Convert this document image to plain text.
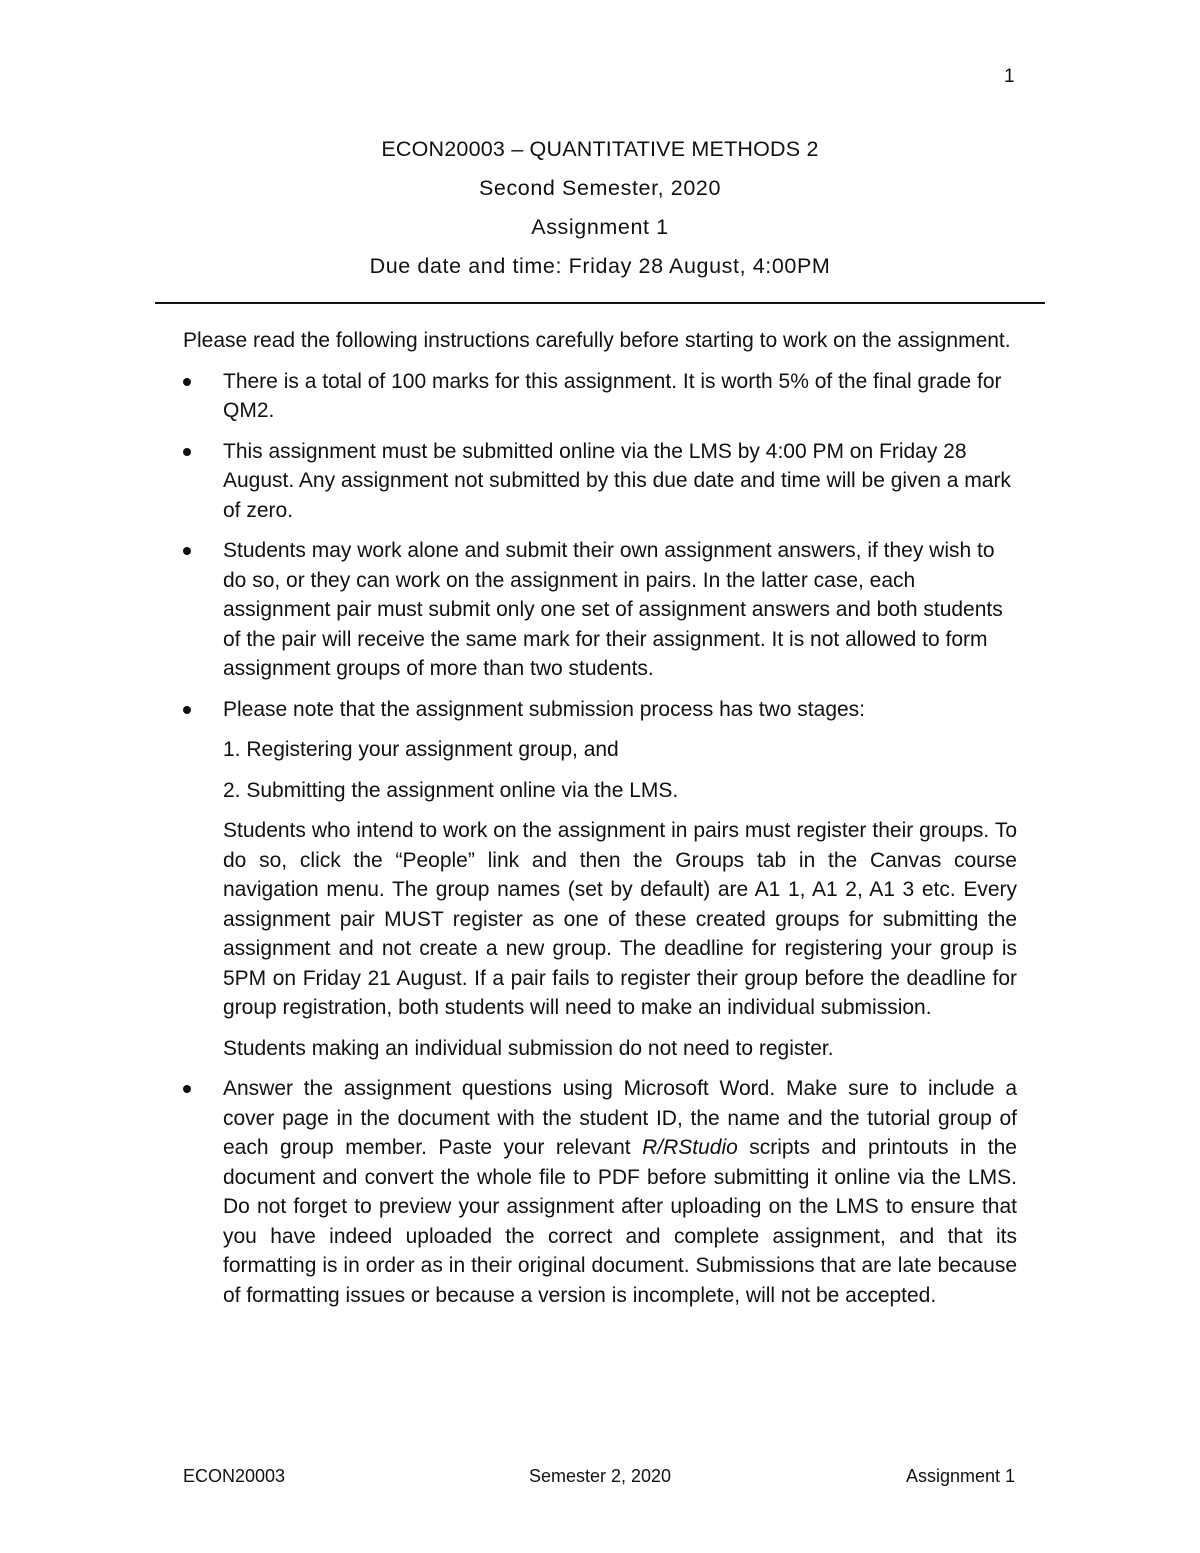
1
ECON20003 – QUANTITATIVE METHODS 2
Second Semester, 2020
Assignment 1
Due date and time: Friday 28 August, 4:00PM

Please read the following instructions carefully before starting to work on the assignment.

There is a total of 100 marks for this assignment. It is worth 5% of the final grade for QM2.
This assignment must be submitted online via the LMS by 4:00 PM on Friday 28 August. Any assignment not submitted by this due date and time will be given a mark of zero.
Students may work alone and submit their own assignment answers, if they wish to do so, or they can work on the assignment in pairs. In the latter case, each assignment pair must submit only one set of assignment answers and both students of the pair will receive the same mark for their assignment. It is not allowed to form assignment groups of more than two students.
Please note that the assignment submission process has two stages:
1. Registering your assignment group, and
2. Submitting the assignment online via the LMS.
Students who intend to work on the assignment in pairs must register their groups. To do so, click the “People” link and then the Groups tab in the Canvas course navigation menu. The group names (set by default) are A1 1, A1 2, A1 3 etc. Every assignment pair MUST register as one of these created groups for submitting the assignment and not create a new group. The deadline for registering your group is 5PM on Friday 21 August. If a pair fails to register their group before the deadline for group registration, both students will need to make an individual submission.
Students making an individual submission do not need to register.
Answer the assignment questions using Microsoft Word. Make sure to include a cover page in the document with the student ID, the name and the tutorial group of each group member. Paste your relevant R/RStudio scripts and printouts in the document and convert the whole file to PDF before submitting it online via the LMS. Do not forget to preview your assignment after uploading on the LMS to ensure that you have indeed uploaded the correct and complete assignment, and that its formatting is in order as in their original document. Submissions that are late because of formatting issues or because a version is incomplete, will not be accepted.
ECON20003	Semester 2, 2020	Assignment 1
